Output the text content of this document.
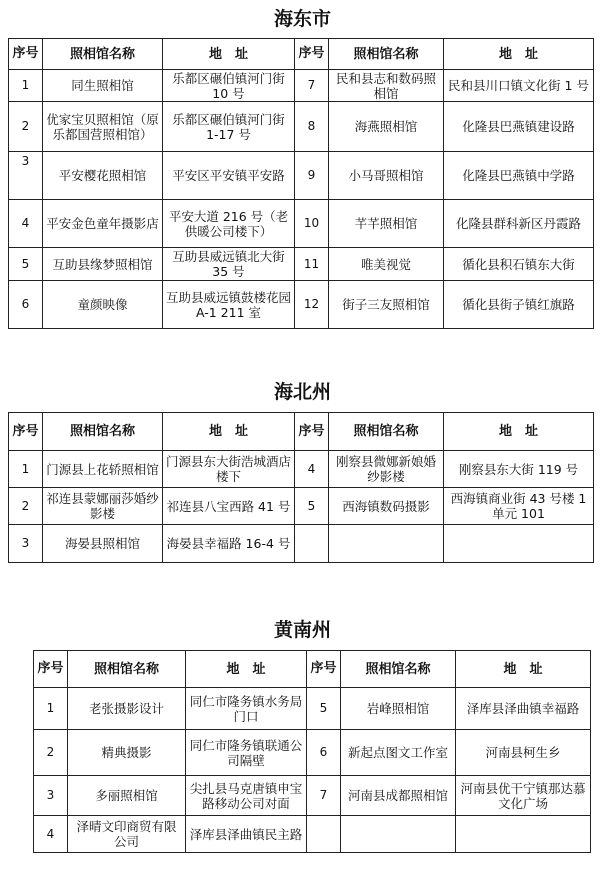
海东市
序号	照相馆名称	地　址	序号	照相馆名称	地　址
1	同生照相馆	乐都区碾伯镇河门街 10 号	7	民和县志和数码照相馆	民和县川口镇文化街 1 号
2	优家宝贝照相馆（原乐都国营照相馆）	乐都区碾伯镇河门街 1-17 号	8	海燕照相馆	化隆县巴燕镇建设路
3	平安樱花照相馆	平安区平安镇平安路	9	小马哥照相馆	化隆县巴燕镇中学路
4	平安金色童年摄影店	平安大道 216 号（老供暖公司楼下）	10	芊芊照相馆	化隆县群科新区丹霞路
5	互助县缘梦照相馆	互助县威远镇北大街 35 号	11	唯美视觉	循化县积石镇东大街
6	童颜映像	互助县威远镇鼓楼花园 A-1 211 室	12	街子三友照相馆	循化县街子镇红旗路
海北州
序号	照相馆名称	地　址	序号	照相馆名称	地　址
1	门源县上花轿照相馆	门源县东大街浩城酒店楼下	4	刚察县微娜新娘婚纱影楼	刚察县东大街 119 号
2	祁连县蒙娜丽莎婚纱影楼	祁连县八宝西路 41 号	5	西海镇数码摄影	西海镇商业街 43 号楼 1 单元 101
3	海晏县照相馆	海晏县幸福路 16-4 号			
黄南州
序号	照相馆名称	地　址	序号	照相馆名称	地　址
1	老张摄影设计	同仁市隆务镇水务局门口	5	岩峰照相馆	泽库县泽曲镇幸福路
2	精典摄影	同仁市隆务镇联通公司隔壁	6	新起点图文工作室	河南县柯生乡
3	多丽照相馆	尖扎县马克唐镇申宝路移动公司对面	7	河南县成都照相馆	河南县优干宁镇那达慕文化广场
4	泽晴文印商贸有限公司	泽库县泽曲镇民主路			
